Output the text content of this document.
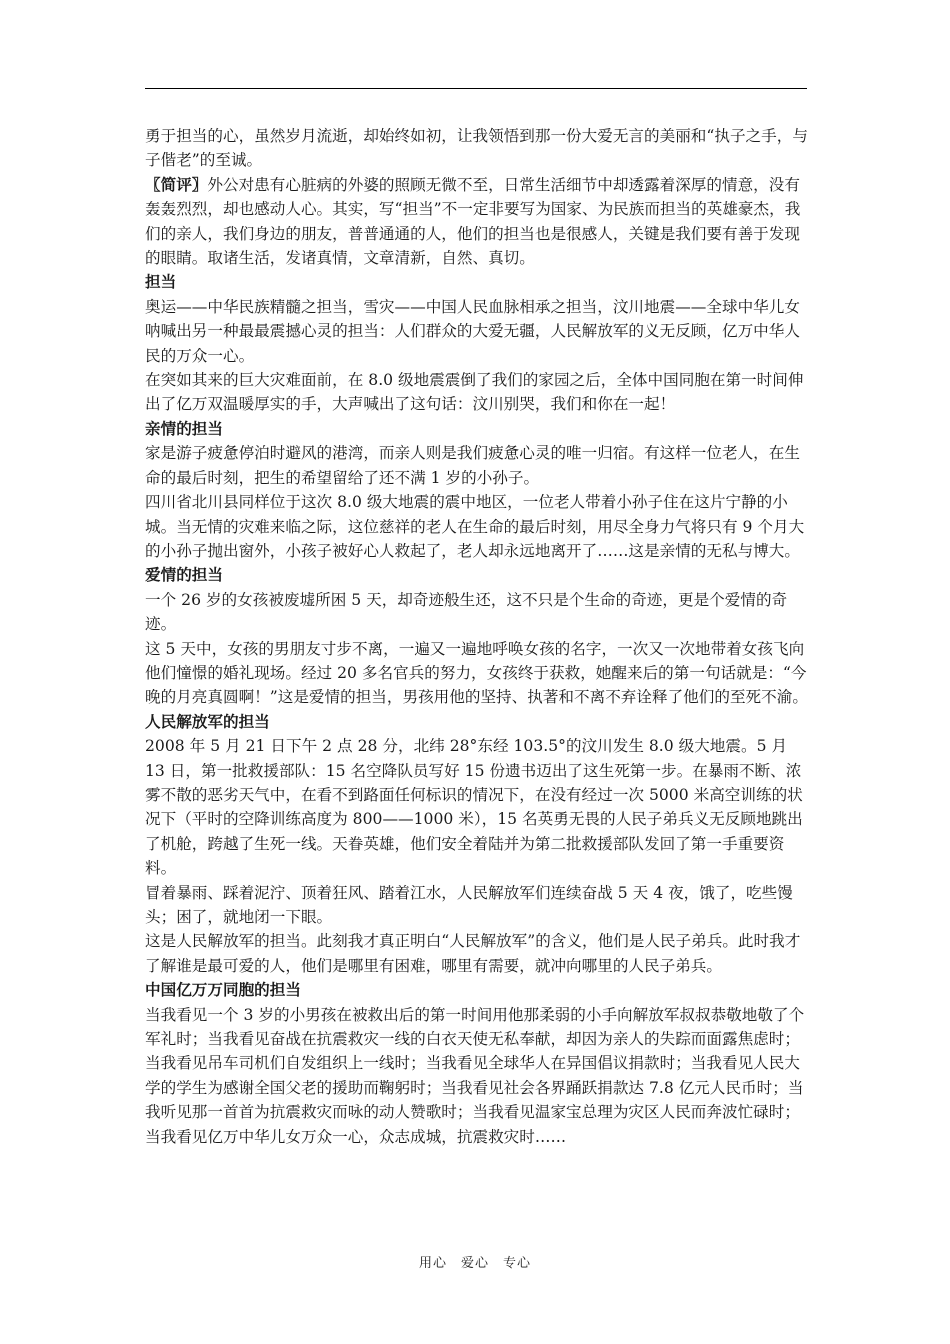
勇于担当的心，虽然岁月流逝，却始终如初，让我领悟到那一份大爱无言的美丽和“执子之手，与子偕老”的至诚。

〖简评〗外公对患有心脏病的外婆的照顾无微不至，日常生活细节中却透露着深厚的情意，没有轰轰烈烈，却也感动人心。其实，写“担当”不一定非要写为国家、为民族而担当的英雄豪杰，我们的亲人，我们身边的朋友，普普通通的人，他们的担当也是很感人，关键是我们要有善于发现的眼睛。取诸生活，发诸真情，文章清新，自然、真切。

担当

奥运——中华民族精髓之担当，雪灾——中国人民血脉相承之担当，汶川地震——全球中华儿女呐喊出另一种最最震撼心灵的担当：人们群众的大爱无疆，人民解放军的义无反顾，亿万中华人民的万众一心。

在突如其来的巨大灾难面前，在 8.0 级地震震倒了我们的家园之后，全体中国同胞在第一时间伸出了亿万双温暖厚实的手，大声喊出了这句话：汶川别哭，我们和你在一起！

亲情的担当

家是游子疲惫停泊时避风的港湾，而亲人则是我们疲惫心灵的唯一归宿。有这样一位老人，在生命的最后时刻，把生的希望留给了还不满 1 岁的小孙子。

四川省北川县同样位于这次 8.0 级大地震的震中地区，一位老人带着小孙子住在这片宁静的小城。当无情的灾难来临之际，这位慈祥的老人在生命的最后时刻，用尽全身力气将只有 9 个月大的小孙子抛出窗外，小孩子被好心人救起了，老人却永远地离开了……这是亲情的无私与博大。

爱情的担当

一个 26 岁的女孩被废墟所困 5 天，却奇迹般生还，这不只是个生命的奇迹，更是个爱情的奇迹。

这 5 天中，女孩的男朋友寸步不离，一遍又一遍地呼唤女孩的名字，一次又一次地带着女孩飞向他们憧憬的婚礼现场。经过 20 多名官兵的努力，女孩终于获救，她醒来后的第一句话就是：“今晚的月亮真圆啊！”这是爱情的担当，男孩用他的坚持、执著和不离不弃诠释了他们的至死不渝。

人民解放军的担当

2008 年 5 月 21 日下午 2 点 28 分，北纬 28°东经 103.5°的汶川发生 8.0 级大地震。5 月 13 日，第一批救援部队：15 名空降队员写好 15 份遗书迈出了这生死第一步。在暴雨不断、浓雾不散的恶劣天气中，在看不到路面任何标识的情况下，在没有经过一次 5000 米高空训练的状况下（平时的空降训练高度为 800——1000 米），15 名英勇无畏的人民子弟兵义无反顾地跳出了机舱，跨越了生死一线。天眷英雄，他们安全着陆并为第二批救援部队发回了第一手重要资料。

冒着暴雨、踩着泥泞、顶着狂风、踏着江水，人民解放军们连续奋战 5 天 4 夜，饿了，吃些馒头；困了，就地闭一下眼。

这是人民解放军的担当。此刻我才真正明白“人民解放军”的含义，他们是人民子弟兵。此时我才了解谁是最可爱的人，他们是哪里有困难，哪里有需要，就冲向哪里的人民子弟兵。

中国亿万万同胞的担当

当我看见一个 3 岁的小男孩在被救出后的第一时间用他那柔弱的小手向解放军叔叔恭敬地敬了个军礼时；当我看见奋战在抗震救灾一线的白衣天使无私奉献，却因为亲人的失踪而面露焦虑时；当我看见吊车司机们自发组织上一线时；当我看见全球华人在异国倡议捐款时；当我看见人民大学的学生为感谢全国父老的援助而鞠躬时；当我看见社会各界踊跃捐款达 7.8 亿元人民币时；当我听见那一首首为抗震救灾而咏的动人赞歌时；当我看见温家宝总理为灾区人民而奔波忙碌时；当我看见亿万中华儿女万众一心，众志成城，抗震救灾时……

用心　爱心　专心
